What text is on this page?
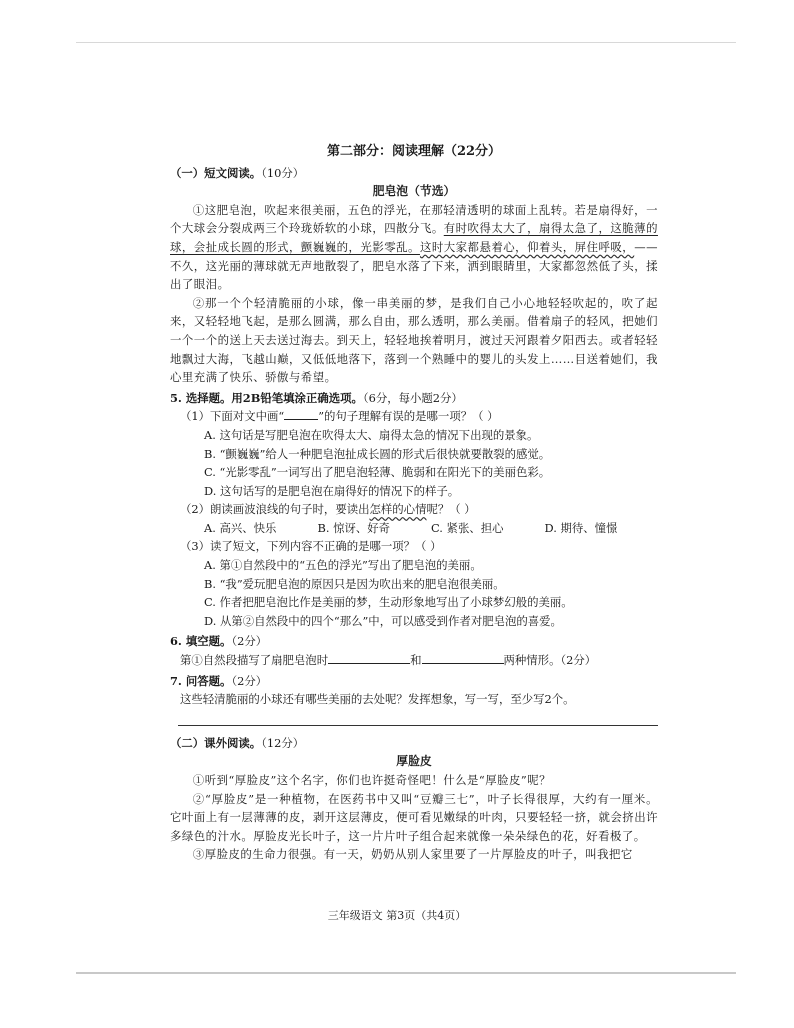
第二部分：阅读理解（22分）

（一）短文阅读。（10分）

肥皂泡（节选）

①这肥皂泡，吹起来很美丽，五色的浮光，在那轻清透明的球面上乱转。若是扇得好，一个大球会分裂成两三个玲珑娇软的小球，四散分飞。有时吹得太大了，扇得太急了，这脆薄的球，会扯成长圆的形式，颤巍巍的，光影零乱。这时大家都悬着心，仰着头，屏住呼吸，——不久，这光丽的薄球就无声地散裂了，肥皂水落了下来，洒到眼睛里，大家都忽然低了头，揉出了眼泪。

②那一个个轻清脆丽的小球，像一串美丽的梦，是我们自己小心地轻轻吹起的，吹了起来，又轻轻地飞起，是那么圆满，那么自由，那么透明，那么美丽。借着扇子的轻风，把她们一个一个的送上天去送过海去。到天上，轻轻地挨着明月，渡过天河跟着夕阳西去。或者轻轻地飘过大海，飞越山巅，又低低地落下，落到一个熟睡中的婴儿的头发上……目送着她们，我心里充满了快乐、骄傲与希望。

5. 选择题。用2B铅笔填涂正确选项。（6分，每小题2分）

（1）下面对文中画“	”的句子理解有误的是哪一项？（ ）

A. 这句话是写肥皂泡在吹得太大、扇得太急的情况下出现的景象。

B. “颤巍巍”给人一种肥皂泡扯成长圆的形式后很快就要散裂的感觉。

C. “光影零乱”一词写出了肥皂泡轻薄、脆弱和在阳光下的美丽色彩。

D. 这句话写的是肥皂泡在扇得好的情况下的样子。

（2）朗读画波浪线的句子时，要读出怎样的心情呢？（ ）

A. 高兴、快乐	B. 惊讶、好奇	C. 紧张、担心	D. 期待、憧憬

（3）读了短文，下列内容不正确的是哪一项？（ ）

A. 第①自然段中的“五色的浮光”写出了肥皂泡的美丽。

B. “我”爱玩肥皂泡的原因只是因为吹出来的肥皂泡很美丽。

C. 作者把肥皂泡比作是美丽的梦，生动形象地写出了小球梦幻般的美丽。

D. 从第②自然段中的四个“那么”中，可以感受到作者对肥皂泡的喜爱。

6. 填空题。（2分）

第①自然段描写了扇肥皂泡时	和	两种情形。（2分）

7. 问答题。（2分）

这些轻清脆丽的小球还有哪些美丽的去处呢？发挥想象，写一写，至少写2个。

（二）课外阅读。（12分）

厚脸皮

①听到“厚脸皮”这个名字，你们也许挺奇怪吧！什么是“厚脸皮”呢？

②“厚脸皮”是一种植物，在医药书中又叫“豆瓣三七”，叶子长得很厚，大约有一厘米。它叶面上有一层薄薄的皮，剥开这层薄皮，便可看见嫩绿的叶肉，只要轻轻一挤，就会挤出许多绿色的汁水。厚脸皮光长叶子，这一片片叶子组合起来就像一朵朵绿色的花，好看极了。

③厚脸皮的生命力很强。有一天，奶奶从别人家里要了一片厚脸皮的叶子，叫我把它

三年级语文 第3页（共4页）
